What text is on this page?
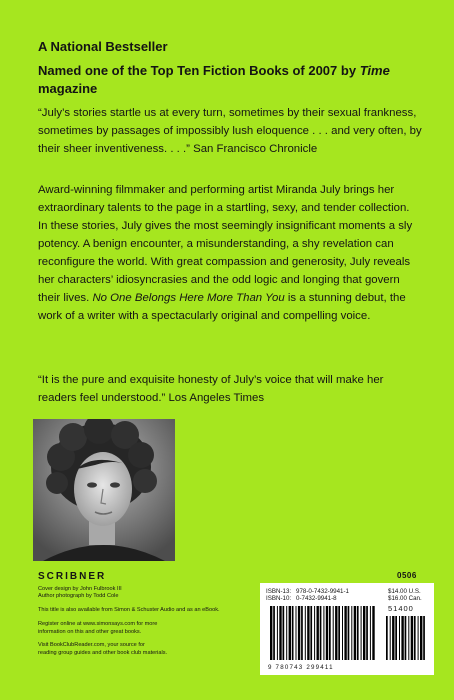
A National Bestseller

Named one of the Top Ten Fiction Books of 2007 by Time magazine

“July’s stories startle us at every turn, sometimes by their sexual frankness, sometimes by passages of impossibly lush eloquence . . . and very often, by their sheer inventiveness. . . .” San Francisco Chronicle

Award-winning filmmaker and performing artist Miranda July brings her extraordinary talents to the page in a startling, sexy, and tender collection. In these stories, July gives the most seemingly insignificant moments a sly potency. A benign encounter, a misunderstanding, a shy revelation can reconfigure the world. With great compassion and generosity, July reveals her characters’ idiosyncrasies and the odd logic and longing that govern their lives. No One Belongs Here More Than You is a stunning debut, the work of a writer with a spectacularly original and compelling voice.

“It is the pure and exquisite honesty of July’s voice that will make her readers feel understood.” Los Angeles Times

SCRIBNER

Cover design by John Fulbrook III

Author photograph by Todd Cole

This title is also available from Simon & Schuster Audio and as an eBook.

Register online at www.simonsays.com for more

information on this and other great books.

Visit BookClubReader.com, your source for

reading group guides and other book club materials.

0506

ISBN-13: 978-0-7432-9941-1

ISBN-10: 0-7432-9941-8

$14.00 U.S.

$16.00 Can.

51400

9 780743 299411
